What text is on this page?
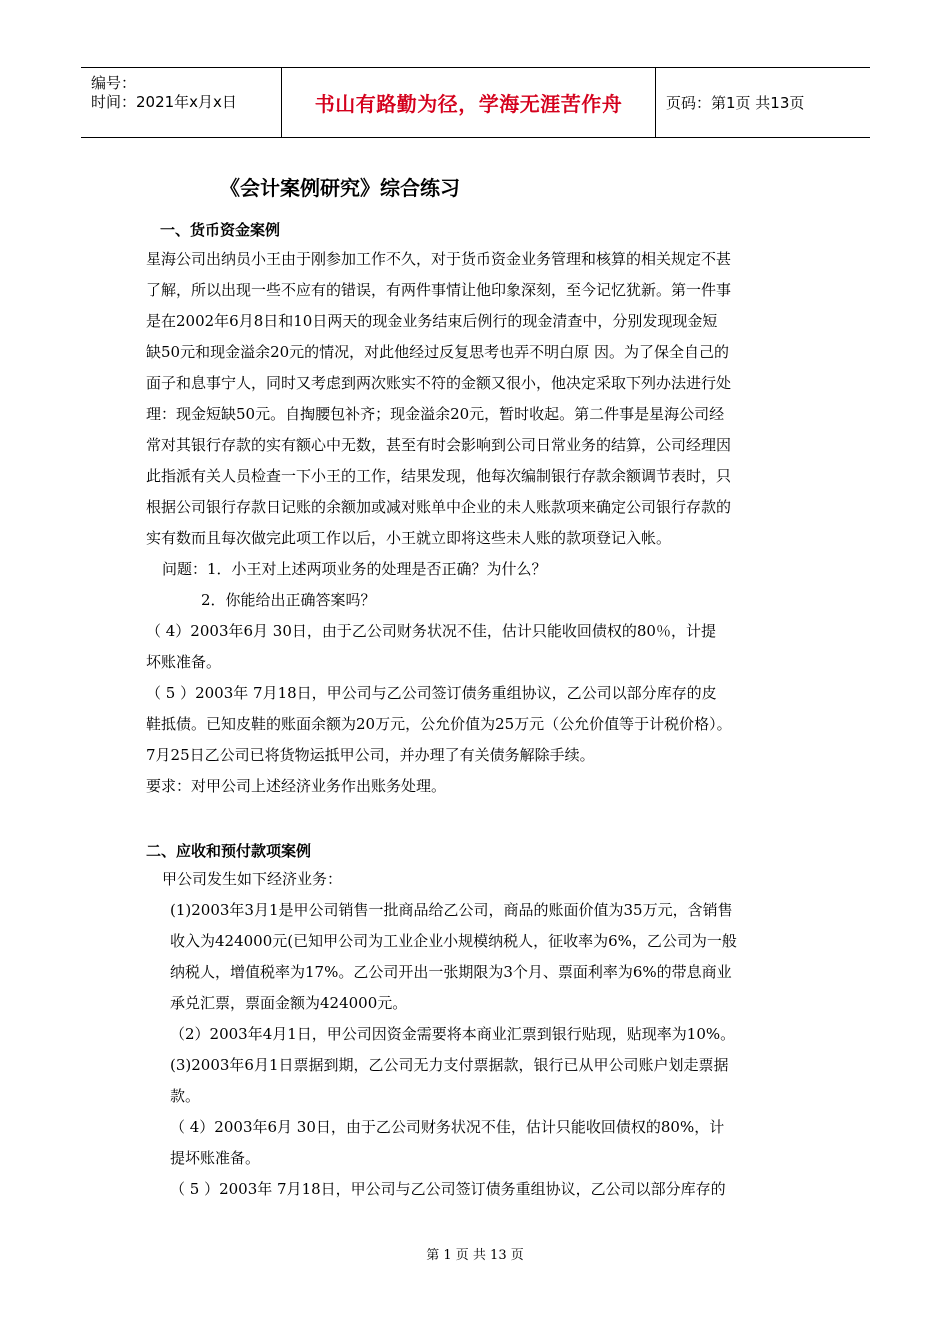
编号：
时间：2021年x月x日	书山有路勤为径，学海无涯苦作舟	页码：第1页 共13页
《会计案例研究》综合练习
一、货币资金案例
星海公司出纳员小王由于刚参加工作不久，对于货币资金业务管理和核算的相关规定不甚
了解，所以出现一些不应有的错误，有两件事情让他印象深刻，至今记忆犹新。第一件事
是在2002年6月8日和10日两天的现金业务结束后例行的现金清查中，分别发现现金短
缺50元和现金溢余20元的情况，对此他经过反复思考也弄不明白原 因。为了保全自己的
面子和息事宁人，同时又考虑到两次账实不符的金额又很小，他决定采取下列办法进行处
理：现金短缺50元。自掏腰包补齐；现金溢余20元，暂时收起。第二件事是星海公司经
常对其银行存款的实有额心中无数，甚至有时会影响到公司日常业务的结算，公司经理因
此指派有关人员检查一下小王的工作，结果发现，他每次编制银行存款余额调节表时，只
根据公司银行存款日记账的余额加或减对账单中企业的未人账款项来确定公司银行存款的
实有数而且每次做完此项工作以后，小王就立即将这些未人账的款项登记入帐。
问题：1．小王对上述两项业务的处理是否正确？为什么？
2．你能给出正确答案吗？
（ 4）2003年6月 30日，由于乙公司财务状况不佳，估计只能收回债权的80％，计提
坏账准备。
（ 5 ）2003年 7月18日，甲公司与乙公司签订债务重组协议，乙公司以部分库存的皮
鞋抵债。已知皮鞋的账面余额为20万元，公允价值为25万元（公允价值等于计税价格）。
7月25日乙公司已将货物运抵甲公司，并办理了有关债务解除手续。
要求：对甲公司上述经济业务作出账务处理。
二、应收和预付款项案例
甲公司发生如下经济业务：
(1)2003年3月1是甲公司销售一批商品给乙公司，商品的账面价值为35万元，含销售
收入为424000元(已知甲公司为工业企业小规模纳税人，征收率为6%，乙公司为一般
纳税人，增值税率为17%。乙公司开出一张期限为3个月、票面利率为6%的带息商业
承兑汇票，票面金额为424000元。
（2）2003年4月1日，甲公司因资金需要将本商业汇票到银行贴现，贴现率为10%。
(3)2003年6月1日票据到期，乙公司无力支付票据款，银行已从甲公司账户划走票据
款。
（ 4）2003年6月 30日，由于乙公司财务状况不佳，估计只能收回债权的80%，计
提坏账准备。
（ 5 ）2003年 7月18日，甲公司与乙公司签订债务重组协议，乙公司以部分库存的
第 1 页 共 13 页
